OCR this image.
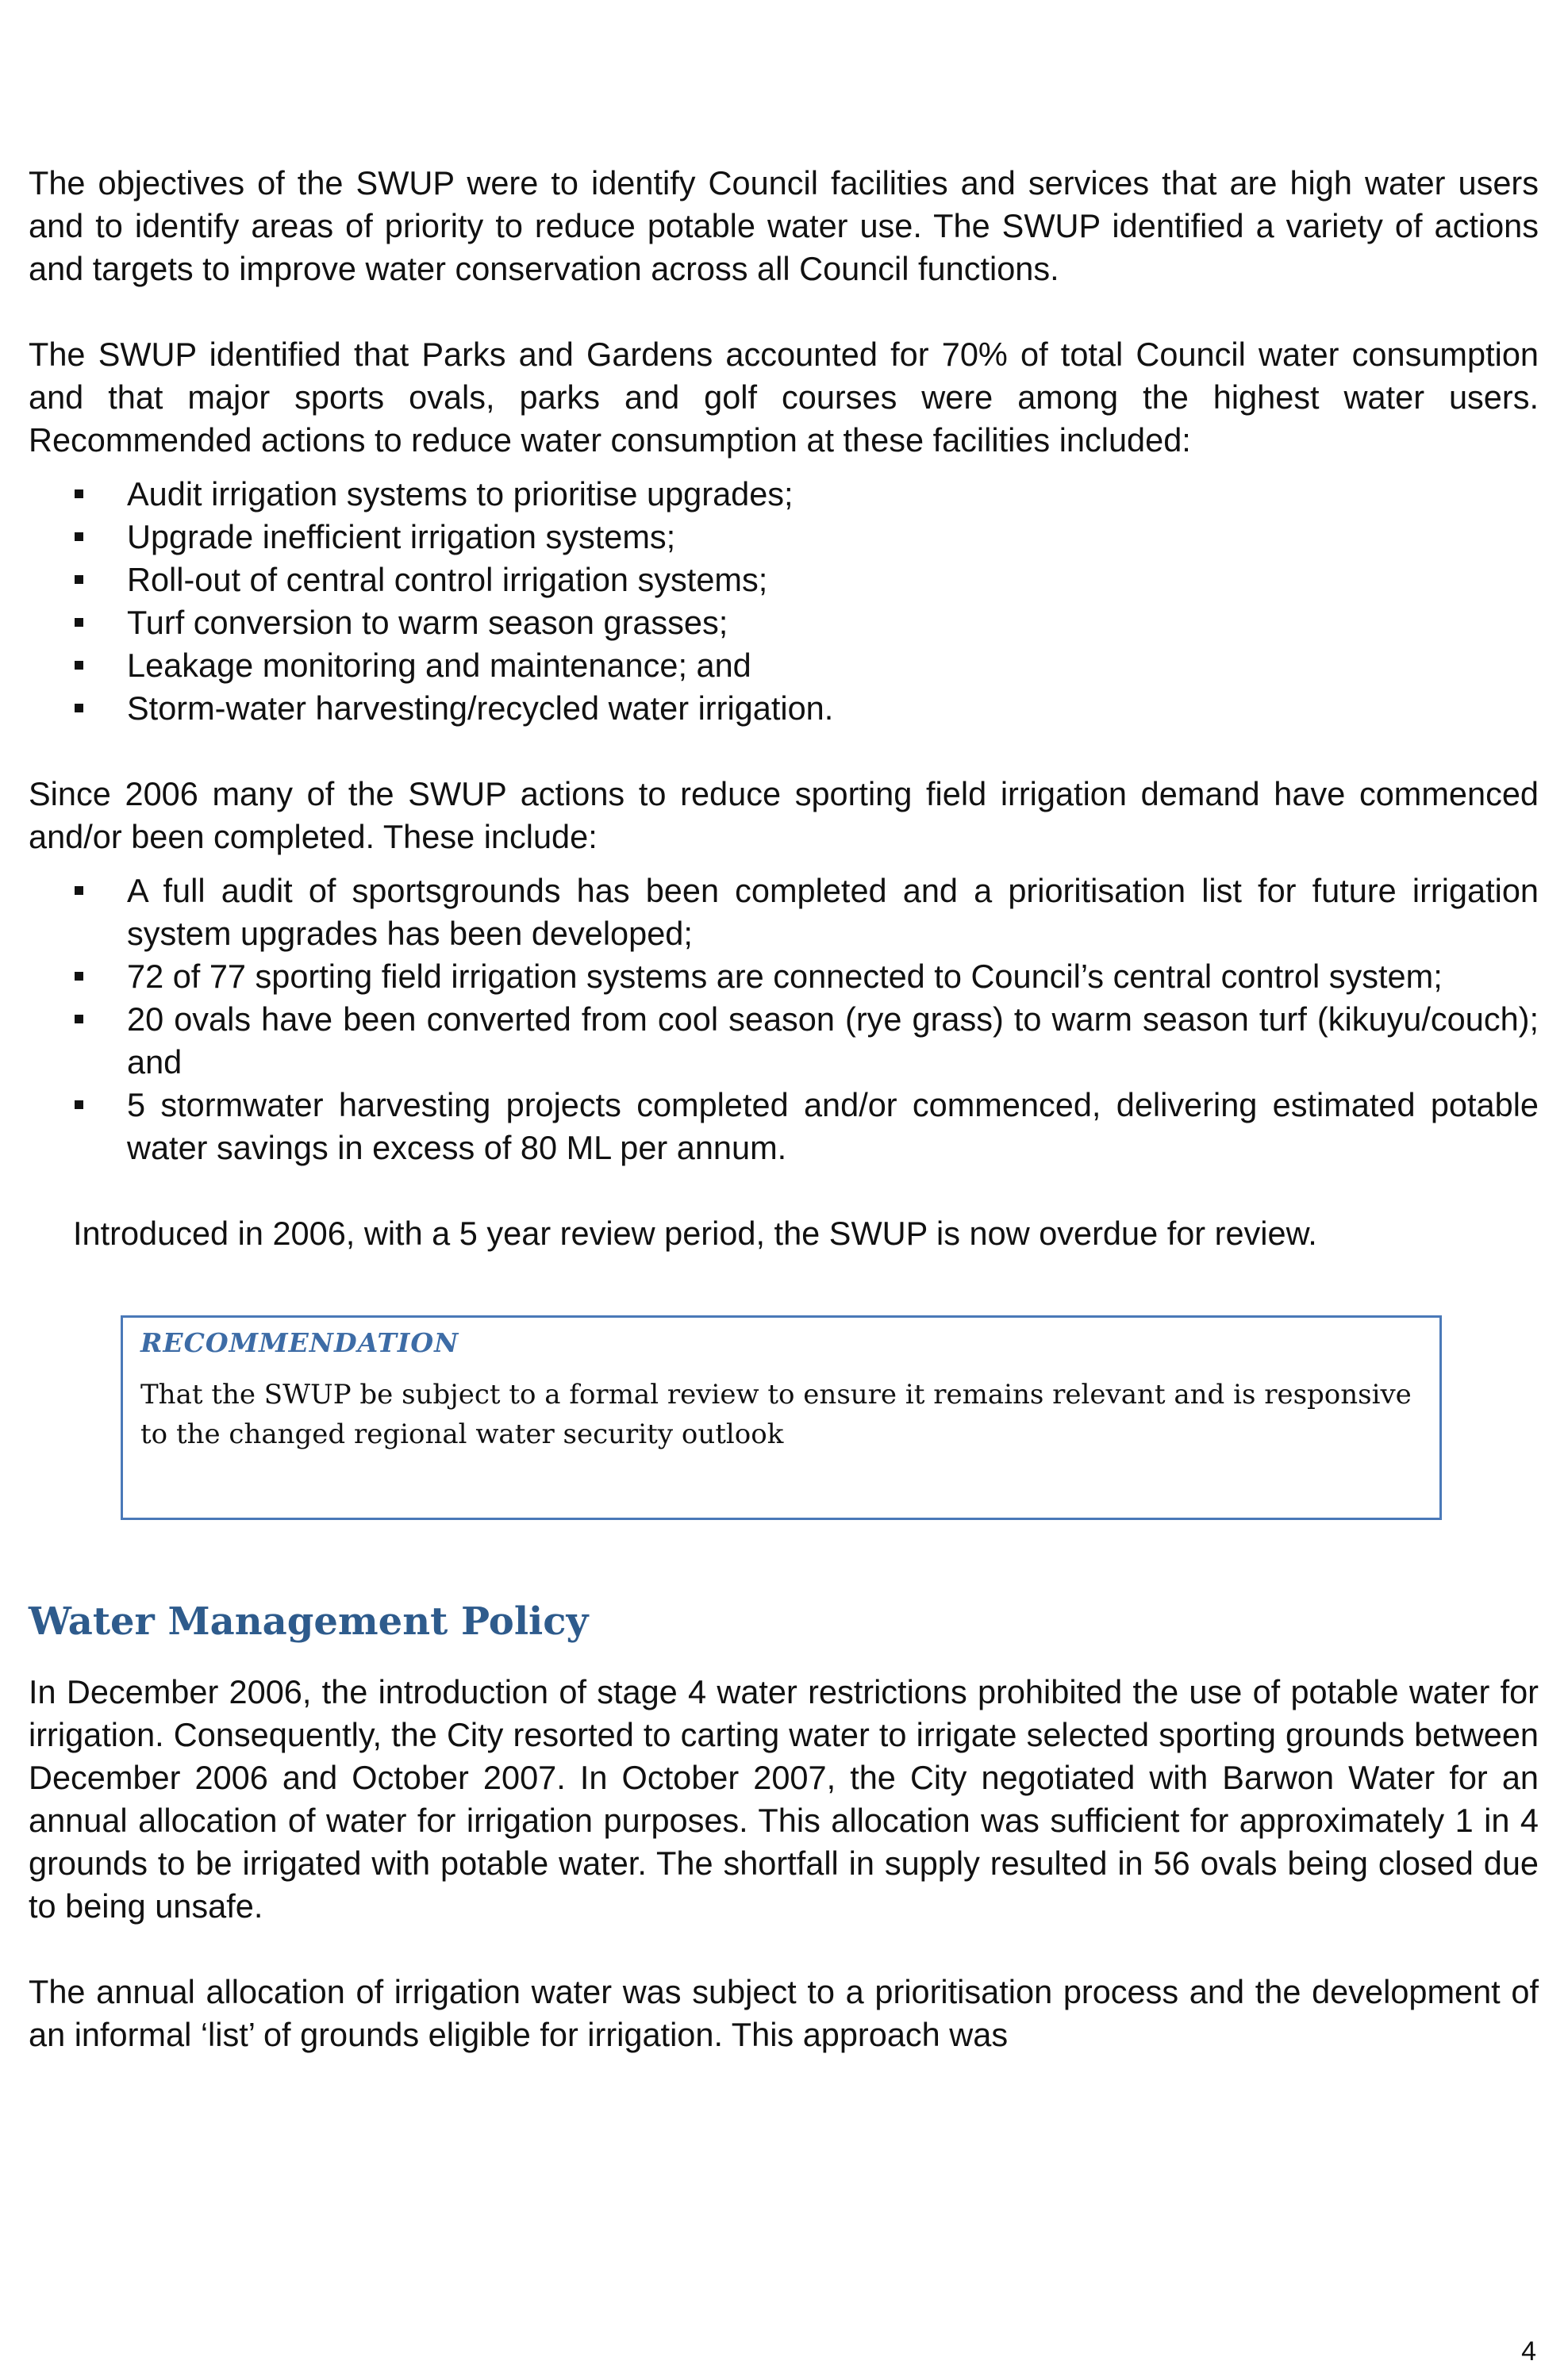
The objectives of the SWUP were to identify Council facilities and services that are high water users and to identify areas of priority to reduce potable water use. The SWUP identified a variety of actions and targets to improve water conservation across all Council functions.

The SWUP identified that Parks and Gardens accounted for 70% of total Council water consumption and that major sports ovals, parks and golf courses were among the highest water users. Recommended actions to reduce water consumption at these facilities included:

Audit irrigation systems to prioritise upgrades;
Upgrade inefficient irrigation systems;
Roll-out of central control irrigation systems;
Turf conversion to warm season grasses;
Leakage monitoring and maintenance; and
Storm-water harvesting/recycled water irrigation.

Since 2006 many of the SWUP actions to reduce sporting field irrigation demand have commenced and/or been completed. These include:

A full audit of sportsgrounds has been completed and a prioritisation list for future irrigation system upgrades has been developed;
72 of 77 sporting field irrigation systems are connected to Council’s central control system;
20 ovals have been converted from cool season (rye grass) to warm season turf (kikuyu/couch); and
5 stormwater harvesting projects completed and/or commenced, delivering estimated potable water savings in excess of 80 ML per annum.

Introduced in 2006, with a 5 year review period, the SWUP is now overdue for review.

RECOMMENDATION
That the SWUP be subject to a formal review to ensure it remains relevant and is responsive to the changed regional water security outlook
Water Management Policy

In December 2006, the introduction of stage 4 water restrictions prohibited the use of potable water for irrigation. Consequently, the City resorted to carting water to irrigate selected sporting grounds between December 2006 and October 2007. In October 2007, the City negotiated with Barwon Water for an annual allocation of water for irrigation purposes. This allocation was sufficient for approximately 1 in 4 grounds to be irrigated with potable water. The shortfall in supply resulted in 56 ovals being closed due to being unsafe.

The annual allocation of irrigation water was subject to a prioritisation process and the development of an informal ‘list’ of grounds eligible for irrigation. This approach was

4
